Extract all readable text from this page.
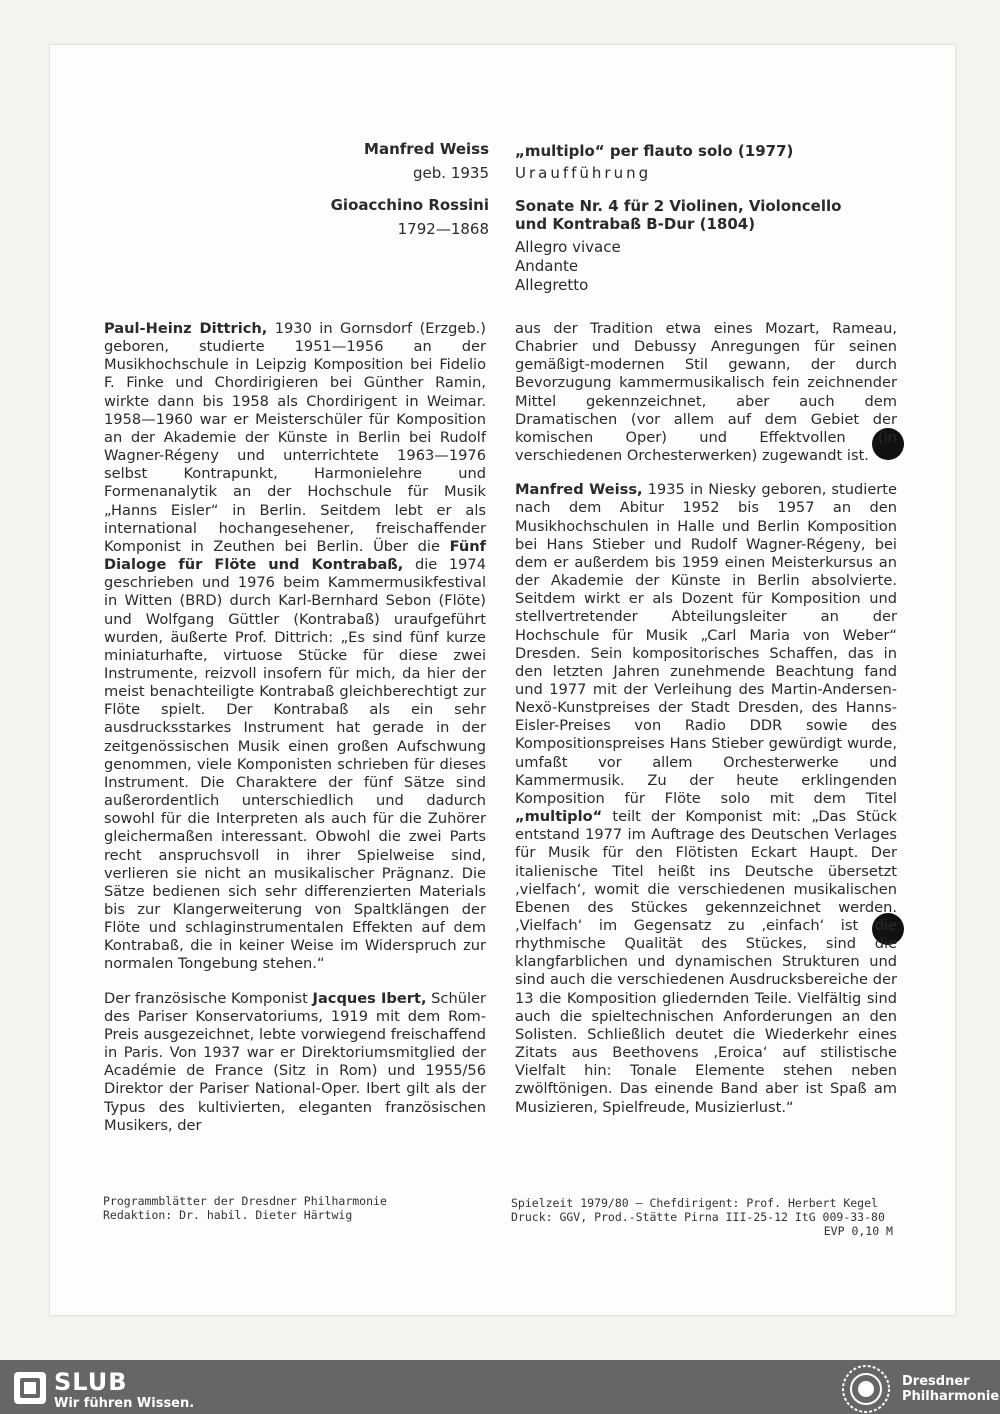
Manfred Weiss
geb. 1935
„multiplo“ per flauto solo (1977)
Uraufführung
Gioacchino Rossini
1792—1868
Sonate Nr. 4 für 2 Violinen, Violoncello
und Kontrabaß B-Dur (1804)
Allegro vivace
Andante
Allegretto

Paul-Heinz Dittrich, 1930 in Gornsdorf (Erzgeb.) geboren, studierte 1951—1956 an der Musikhochschule in Leipzig Komposition bei Fidelio F. Finke und Chordirigieren bei Günther Ramin, wirkte dann bis 1958 als Chordirigent in Weimar. 1958—1960 war er Meisterschüler für Komposition an der Akademie der Künste in Berlin bei Rudolf Wagner-Régeny und unterrichtete 1963—1976 selbst Kontrapunkt, Harmonielehre und Formenanalytik an der Hochschule für Musik „Hanns Eisler“ in Berlin. Seitdem lebt er als international hochangesehener, freischaffender Komponist in Zeuthen bei Berlin. Über die Fünf Dialoge für Flöte und Kontrabaß, die 1974 geschrieben und 1976 beim Kammermusikfestival in Witten (BRD) durch Karl-Bernhard Sebon (Flöte) und Wolfgang Güttler (Kontrabaß) uraufgeführt wurden, äußerte Prof. Dittrich: „Es sind fünf kurze miniaturhafte, virtuose Stücke für diese zwei Instrumente, reizvoll insofern für mich, da hier der meist benachteiligte Kontrabaß gleichberechtigt zur Flöte spielt. Der Kontrabaß als ein sehr ausdrucksstarkes Instrument hat gerade in der zeitgenössischen Musik einen großen Aufschwung genommen, viele Komponisten schrieben für dieses Instrument. Die Charaktere der fünf Sätze sind außerordentlich unterschiedlich und dadurch sowohl für die Interpreten als auch für die Zuhörer gleichermaßen interessant. Obwohl die zwei Parts recht anspruchsvoll in ihrer Spielweise sind, verlieren sie nicht an musikalischer Prägnanz. Die Sätze bedienen sich sehr differenzierten Materials bis zur Klangerweiterung von Spaltklängen der Flöte und schlaginstrumentalen Effekten auf dem Kontrabaß, die in keiner Weise im Widerspruch zur normalen Tongebung stehen.“

Der französische Komponist Jacques Ibert, Schüler des Pariser Konservatoriums, 1919 mit dem Rom-Preis ausgezeichnet, lebte vorwiegend freischaffend in Paris. Von 1937 war er Direktoriumsmitglied der Académie de France (Sitz in Rom) und 1955/56 Direktor der Pariser National-Oper. Ibert gilt als der Typus des kultivierten, eleganten französischen Musikers, der

aus der Tradition etwa eines Mozart, Rameau, Chabrier und Debussy Anregungen für seinen gemäßigt-modernen Stil gewann, der durch Bevorzugung kammermusikalisch fein zeichnender Mittel gekennzeichnet, aber auch dem Dramatischen (vor allem auf dem Gebiet der komischen Oper) und Effektvollen (in verschiedenen Orchesterwerken) zugewandt ist.

Manfred Weiss, 1935 in Niesky geboren, studierte nach dem Abitur 1952 bis 1957 an den Musikhochschulen in Halle und Berlin Komposition bei Hans Stieber und Rudolf Wagner-Régeny, bei dem er außerdem bis 1959 einen Meisterkursus an der Akademie der Künste in Berlin absolvierte. Seitdem wirkt er als Dozent für Komposition und stellvertretender Abteilungsleiter an der Hochschule für Musik „Carl Maria von Weber“ Dresden. Sein kompositorisches Schaffen, das in den letzten Jahren zunehmende Beachtung fand und 1977 mit der Verleihung des Martin-Andersen-Nexö-Kunstpreises der Stadt Dresden, des Hanns-Eisler-Preises von Radio DDR sowie des Kompositionspreises Hans Stieber gewürdigt wurde, umfaßt vor allem Orchesterwerke und Kammermusik. Zu der heute erklingenden Komposition für Flöte solo mit dem Titel „multiplo“ teilt der Komponist mit: „Das Stück entstand 1977 im Auftrage des Deutschen Verlages für Musik für den Flötisten Eckart Haupt. Der italienische Titel heißt ins Deutsche übersetzt ‚vielfach‘, womit die verschiedenen musikalischen Ebenen des Stückes gekennzeichnet werden. ‚Vielfach‘ im Gegensatz zu ‚einfach‘ ist die rhythmische Qualität des Stückes, sind die klangfarblichen und dynamischen Strukturen und sind auch die verschiedenen Ausdrucksbereiche der 13 die Komposition gliedernden Teile. Vielfältig sind auch die spieltechnischen Anforderungen an den Solisten. Schließlich deutet die Wiederkehr eines Zitats aus Beethovens ‚Eroica‘ auf stilistische Vielfalt hin: Tonale Elemente stehen neben zwölftönigen. Das einende Band aber ist Spaß am Musizieren, Spielfreude, Musizierlust.“

Programmblätter der Dresdner Philharmonie
Redaktion: Dr. habil. Dieter Härtwig
Spielzeit 1979/80 — Chefdirigent: Prof. Herbert Kegel
Druck: GGV, Prod.-Stätte Pirna III-25-12 ItG 009-33-80
EVP 0,10 M
SLUB
Wir führen Wissen.
Dresdner
Philharmonie
